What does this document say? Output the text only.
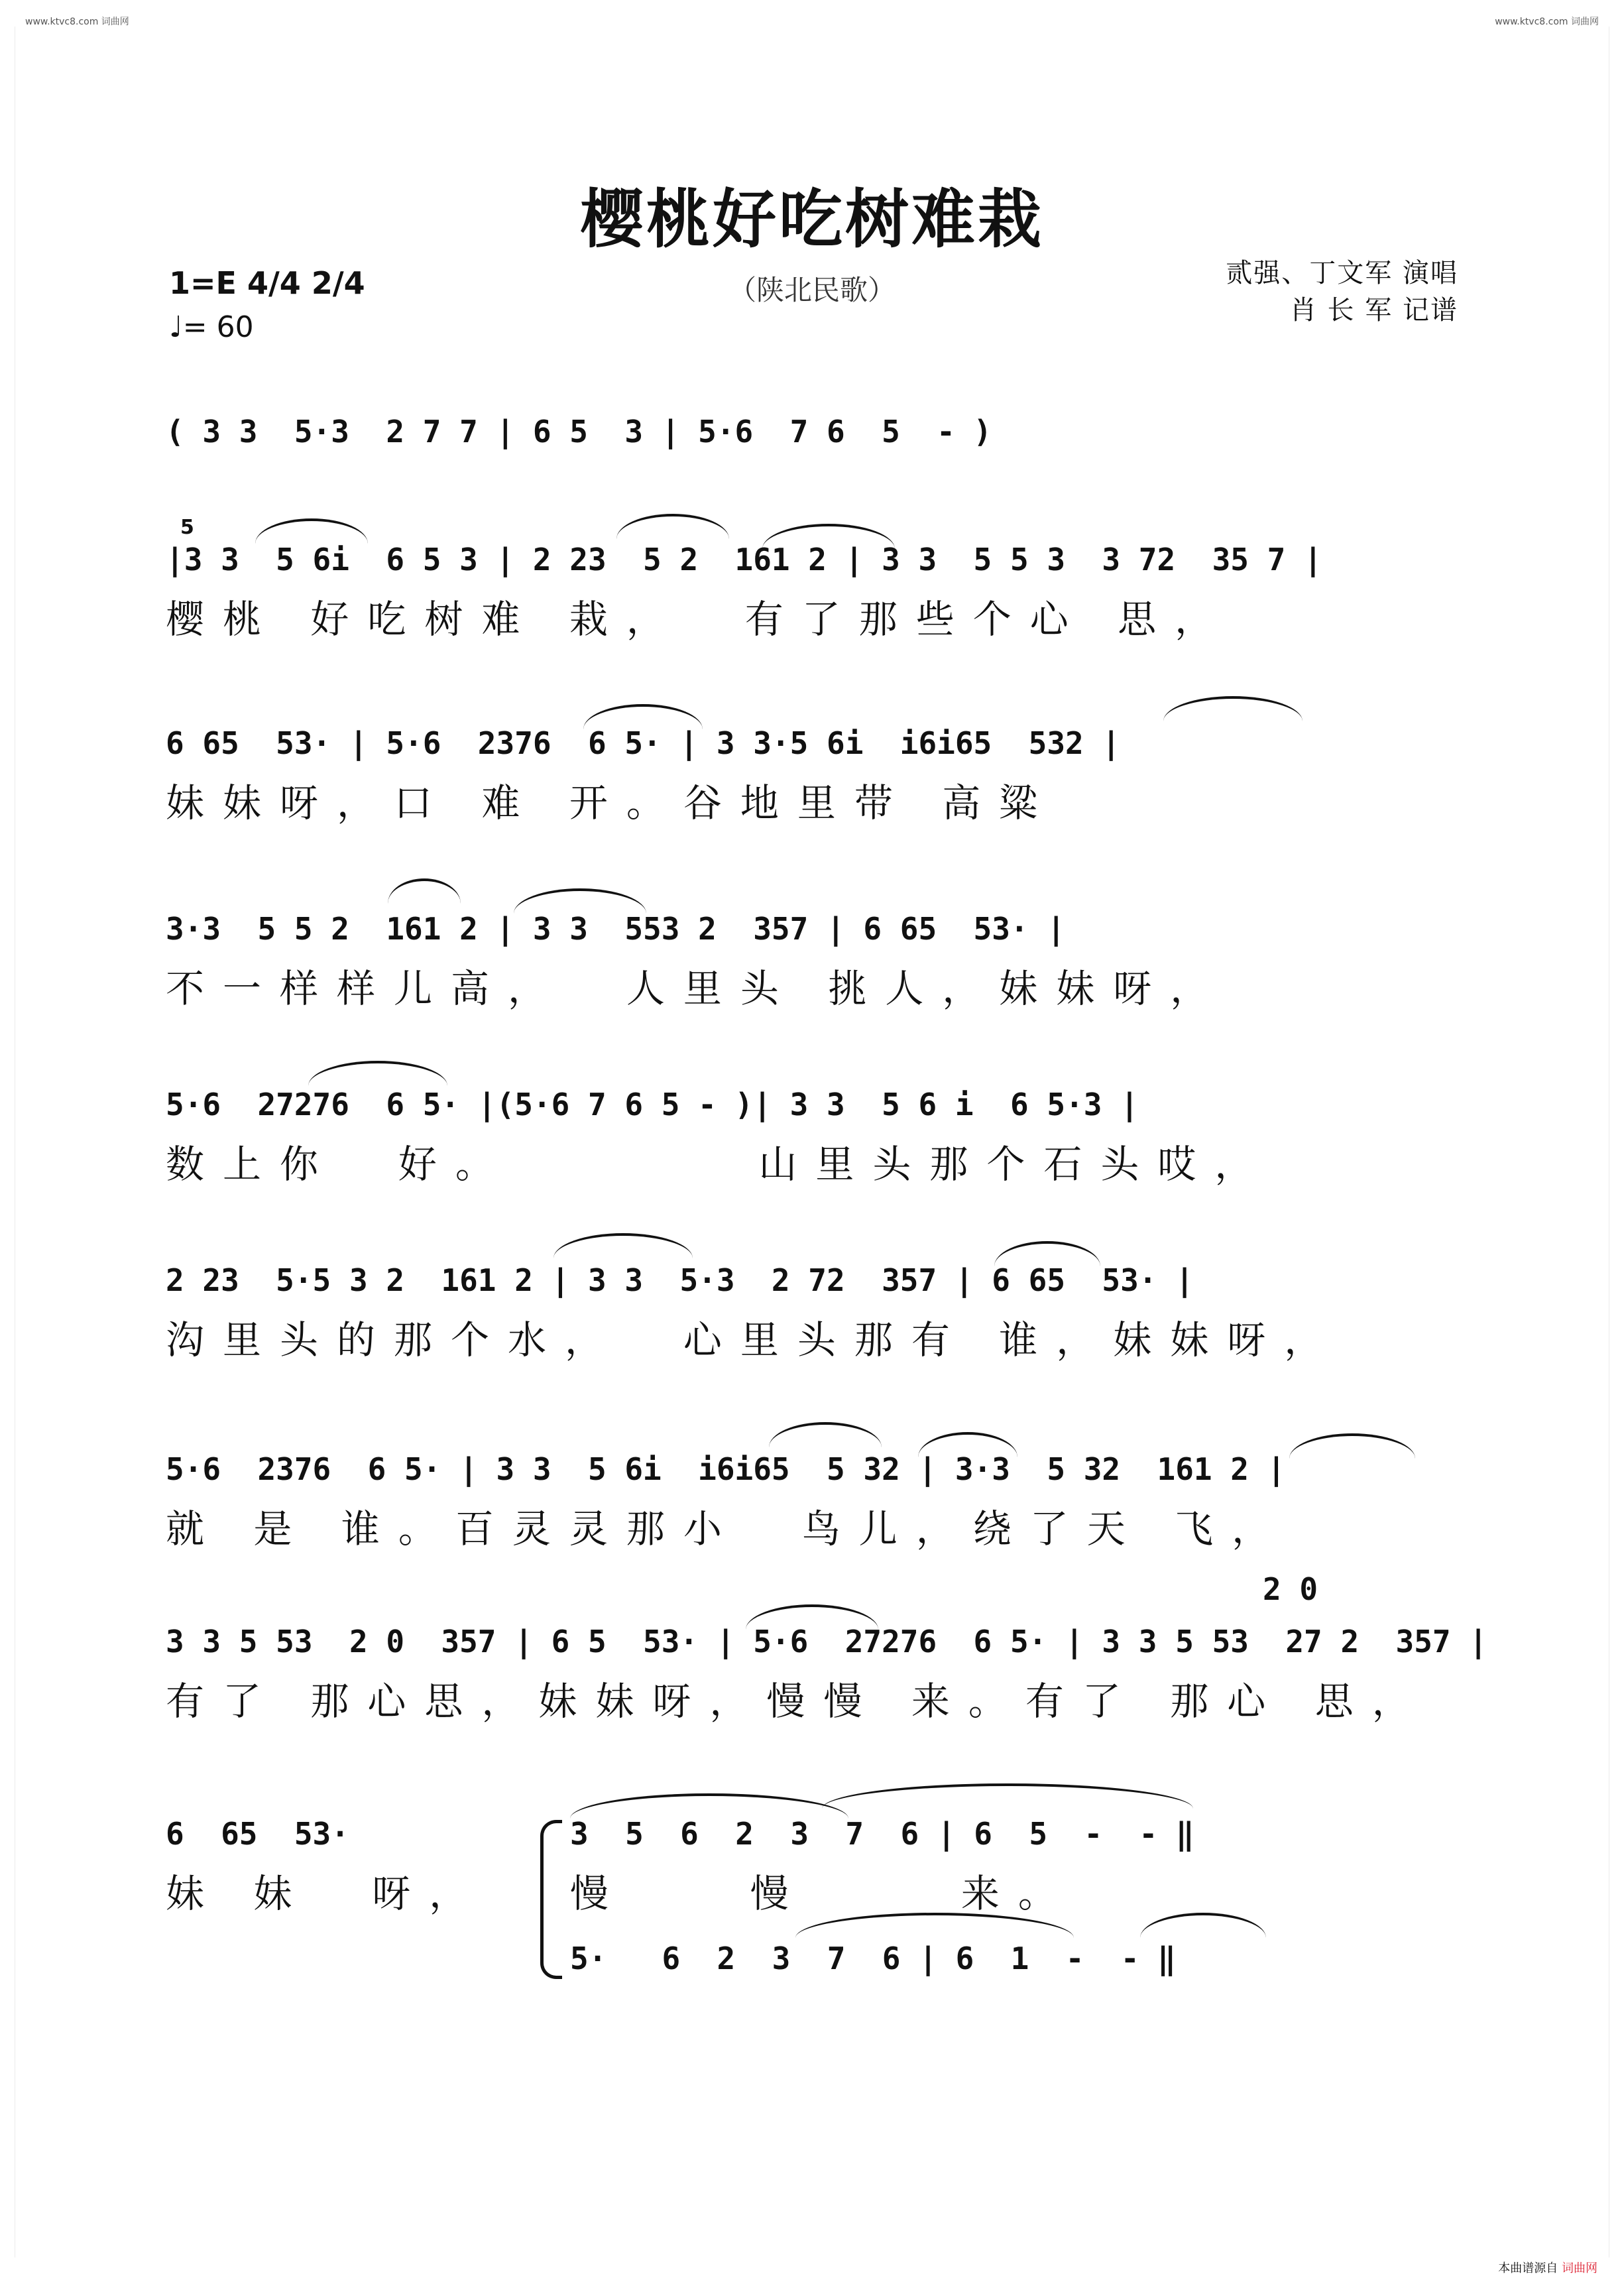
www.ktvc8.com 词曲网	www.ktvc8.com 词曲网
樱桃好吃树难栽
（陕北民歌）
1=E 4/4 2/4
♩= 60
贰强、丁文军 演唱
肖 长 军 记谱
( 3 3  5·3  2 7 7 | 6 5  3 | 5·6  7 6  5  - )
5
|3 3  5 6i  6 5 3 | 2 23  5 2  161 2 | 3 3  5 5 3  3 72  35 7 |
樱桃 好吃树难 栽，  有了那些个心 思，
6 65  53· | 5·6  2376  6 5· | 3 3·5 6i  i6i65  532 |
妹妹呀，口 难 开。谷地里带 高粱
3·3  5 5 2  161 2 | 3 3  553 2  357 | 6 65  53· |
不一样样儿高，  人里头 挑人，妹妹呀，
5·6  27276  6 5· |(5·6 7 6 5 - )| 3 3  5 6 i  6 5·3 |
数上你  好。        山里头那个石头哎，
2 23  5·5 3 2  161 2 | 3 3  5·3  2 72  357 | 6 65  53· |
沟里头的那个水，  心里头那有 谁，妹妹呀，
5·6  2376  6 5· | 3 3  5 6i  i6i65  5 32 | 3·3  5 32  161 2 |
就 是 谁。百灵灵那小  鸟儿，绕了天 飞，
2 0
3 3 5 53  2 0  357 | 6 5  53· | 5·6  27276  6 5· | 3 3 5 53  27 2  357 |
有了 那心思，妹妹呀，慢慢 来。有了 那心 思，
6  65  53·
妹 妹  呀，
3  5  6  2  3  7  6 | 6  5  -  - ‖
慢    慢     来。
5·   6  2  3  7  6 | 6  1  -  - ‖
本曲谱源自 词曲网
